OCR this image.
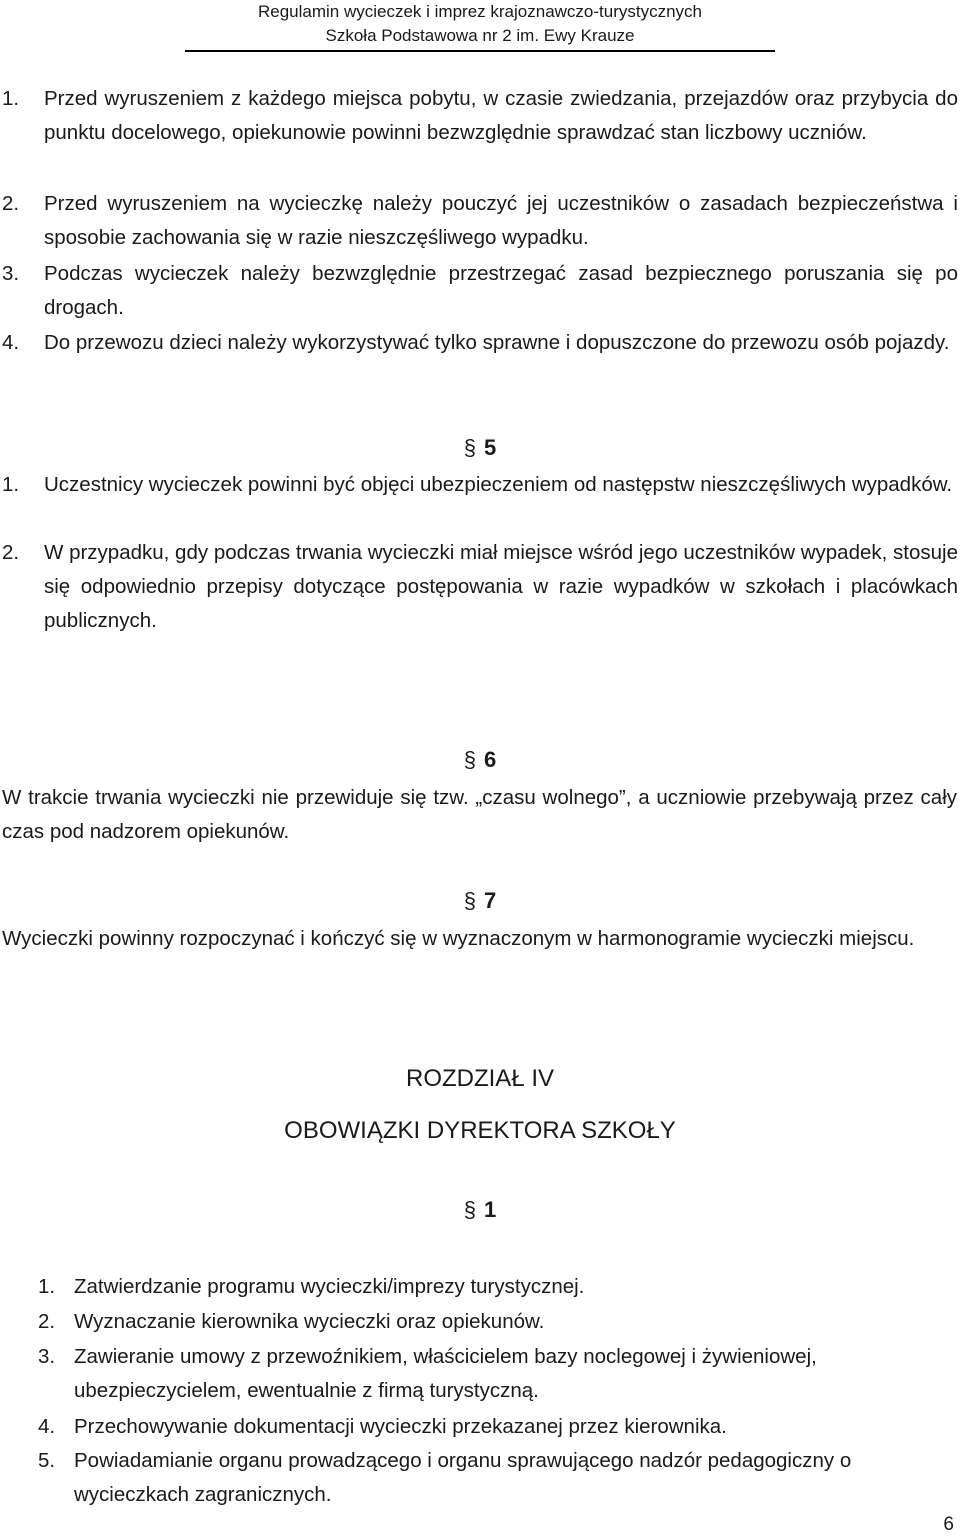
Regulamin wycieczek i imprez krajoznawczo-turystycznych
Szkoła Podstawowa nr 2 im. Ewy Krauze
1. Przed wyruszeniem z każdego miejsca pobytu, w czasie zwiedzania, przejazdów oraz przybycia do punktu docelowego, opiekunowie powinni bezwzględnie sprawdzać stan liczbowy uczniów.
2. Przed wyruszeniem na wycieczkę należy pouczyć jej uczestników o zasadach bezpieczeństwa i sposobie zachowania się w razie nieszczęśliwego wypadku.
3. Podczas wycieczek należy bezwzględnie przestrzegać zasad bezpiecznego poruszania się po drogach.
4. Do przewozu dzieci należy wykorzystywać tylko sprawne i dopuszczone do przewozu osób pojazdy.
§ 5
1. Uczestnicy wycieczek powinni być objęci ubezpieczeniem od następstw nieszczęśliwych wypadków.
2. W przypadku, gdy podczas trwania wycieczki miał miejsce wśród jego uczestników wypadek, stosuje się odpowiednio przepisy dotyczące postępowania w razie wypadków w szkołach i placówkach publicznych.
§ 6
W trakcie trwania wycieczki nie przewiduje się tzw. „czasu wolnego”, a uczniowie przebywają przez cały czas pod nadzorem opiekunów.
§ 7
Wycieczki powinny rozpoczynać i kończyć się w wyznaczonym w harmonogramie wycieczki miejscu.
ROZDZIAŁ IV
OBOWIĄZKI DYREKTORA SZKOŁY
§ 1
1. Zatwierdzanie programu wycieczki/imprezy turystycznej.
2. Wyznaczanie kierownika wycieczki oraz opiekunów.
3. Zawieranie umowy z przewoźnikiem, właścicielem bazy noclegowej i żywieniowej, ubezpieczycielem, ewentualnie z firmą turystyczną.
4. Przechowywanie dokumentacji wycieczki przekazanej przez kierownika.
5. Powiadamianie organu prowadzącego i organu sprawującego nadzór pedagogiczny o wycieczkach zagranicznych.
6
